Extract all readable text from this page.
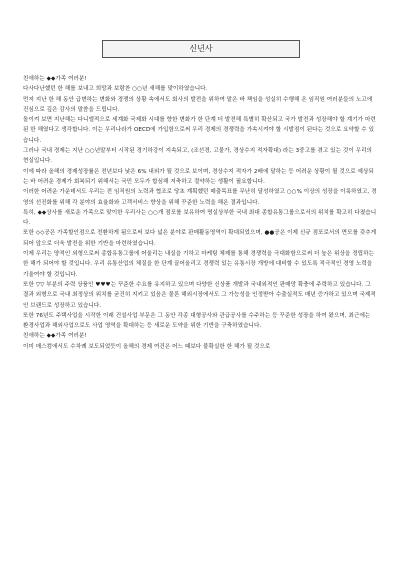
신년사

친애하는 ◆◆가족 여러분!

다사다난했던 한 해를 보내고 희망과 보람찬 ○○년 새해를 맞이하였습니다.

먼저 지난 한 해 동안 급변하는 변화와 경쟁의 상황 속에서도 회사의 발전을 위하여 맡은 바 책임을 성실히 수행해 온 임직원 여러분들의 노고에 진심으로 깊은 감사의 말씀을 드립니다.

돌이켜 보면 지난해는 다니엘적으로 세계화 국제화 시대를 향한 변화가 한 단계 더 발전해 특별히 확산되고 국가 발전과 성장해야 할 계기가 마련된 한 해였다고 생각합니다. 이는 우리나라가 OECD에 가입함으로써 우리 경제의 경쟁력을 가속시켜야 할 시발점이 된다는 것으로 요약할 수 있습니다.

그러나 국내 경제는 지난 ○○년말부터 시작된 경기하강이 지속되고, (조선경, 고물가, 경상수지 적자확대) 라는 3중고를 겪고 있는 것이 우리의 현실입니다.

이에 따라 올해의 경제성장률은 전년보다 낮은 6% 내외가 될 것으로 보이며, 경상수지 적자가 2배에 달하는 등 어려운 상황이 될 것으로 예상되는 바 어려운 경제가 회복되기 위해서는 국민 모두가 합심해 저축하고 절약하는 생활이 필요합니다.

이러한 어려운 가운데서도 우리는 전 임직원의 노력과 협조로 당초 계획했던 매출목표를 무난히 달성하였고 ○○% 이상의 성장을 이룩하였고, 경영의 선진화를 위해 각 분야의 효율화와 고객서비스 향상을 위해 꾸준한 노력을 해온 결과입니다.

특히, ◆◆상사를 새로운 가족으로 맞이한 우리사는 ○○개 점포를 보유하여 명실상부한 국내 최대 종합유통그룹으로서의 위치를 확고히 다졌습니다.

또한 ◇◇공은 가족할인점으로 전환하게 됨으로써 보다 넓은 분야로 판매활동영역이 확대되었으며, ●●공은 이제 신규 점포로서의 면모를 갖추게 되어 앞으로 더욱 발전을 위한 기반을 마련하였습니다.

이제 우리는 양적인 외형으로써 종합유통그룹에 어울리는 내실을 기하고 마케팅 체제를 통해 경쟁력을 극대화함으로써 더 높은 위상을 정립하는 한 해가 되어야 할 것입니다. 우리 유통산업의 체질을 한 단계 끌어올리고 경쟁력 있는 유통시장 개방에 대비할 수 있도록 적극적인 경영 노력을 기울여야 할 것입니다.

또한 ▽▽ 부분의 주력 상품인 ♥♥♥는 꾸준한 수요를 유지하고 있으며 다양한 신상품 개발과 국내외적인 판매망 확충에 주력하고 있습니다. 그 결과 외형으로 국내 최정상의 위치를 굳건히 지키고 있음은 물론 해외시장에서도 그 가능성을 인정받아 수출실적도 매년 증가하고 있으며 국제적인 브랜드로 성장하고 있습니다.

또한 76년도 주택사업을 시작한 이래 건설사업 부문은 그 동안 각종 대형공사와 관급공사를 수주하는 등 꾸준한 성장을 하여 왔으며, 최근에는 환경사업과 해외사업으로도 사업 영역을 확대하는 등 새로운 도약을 위한 기반을 구축하였습니다.

친애하는 ◆◆가족 여러분!

이미 매스컴에서도 수차례 보도되었듯이 올해의 경제 여건은 어느 때보다 불확실한 한 해가 될 것으로
